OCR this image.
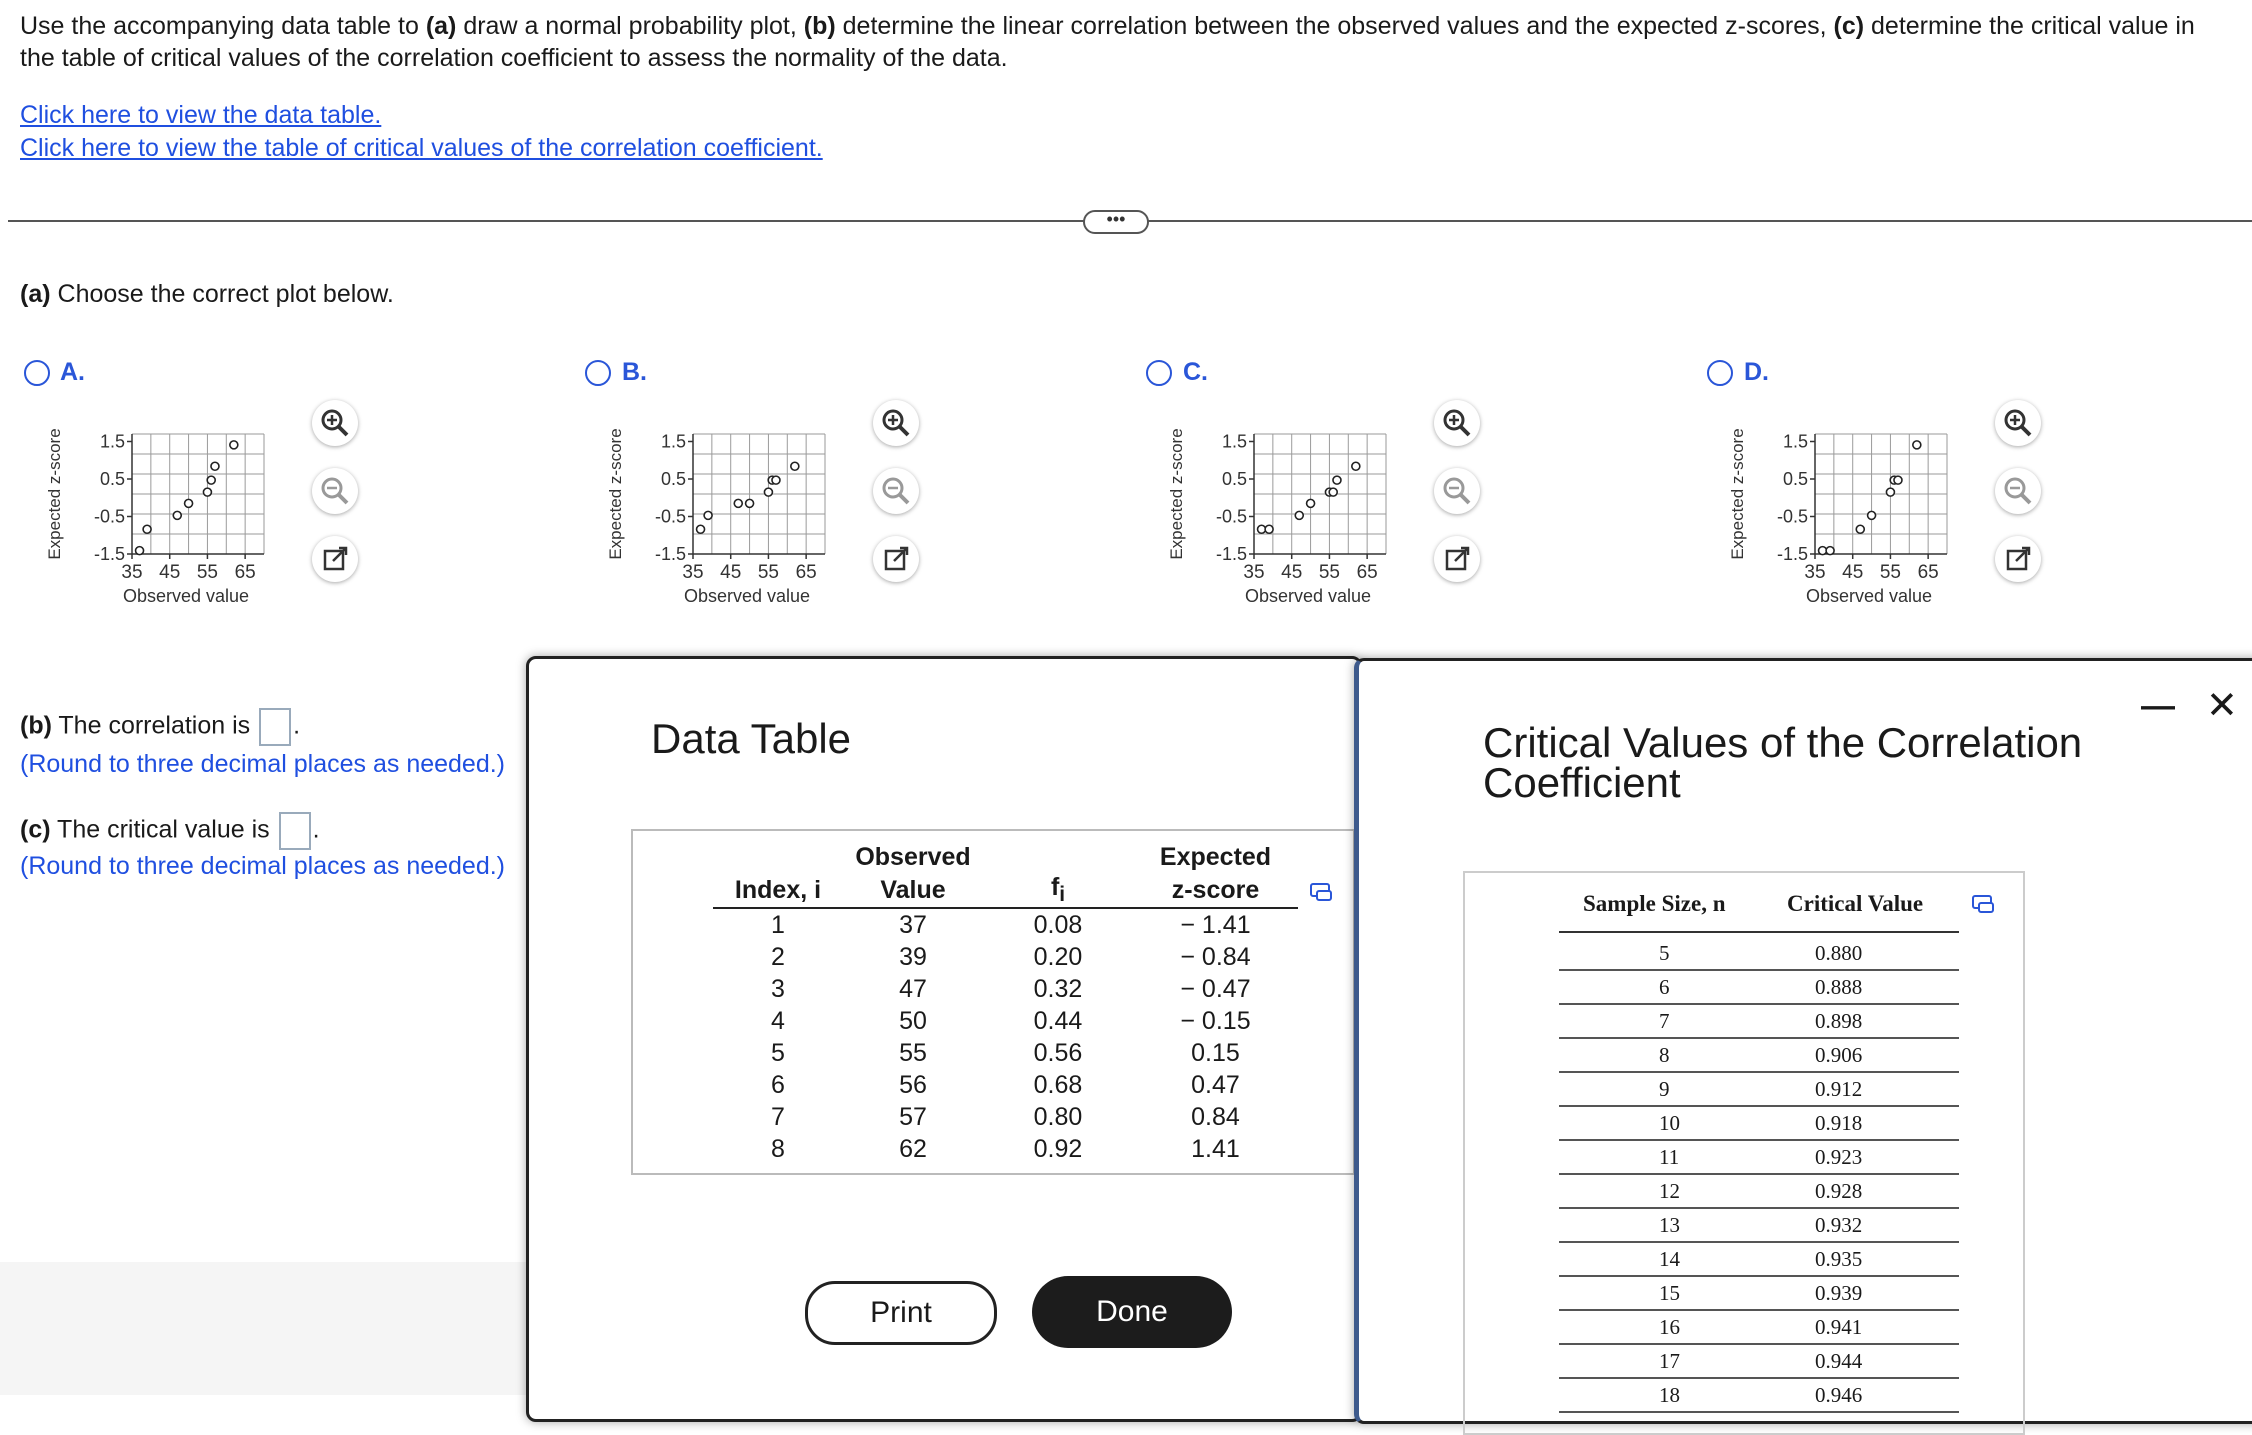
Use the accompanying data table to (a) draw a normal probability plot, (b) determine the linear correlation between the observed values and the expected z-scores, (c) determine the critical value in the table of critical values of the correlation coefficient to assess the normality of the data.
Click here to view the data table.
Click here to view the table of critical values of the correlation coefficient.
•••
(a) Choose the correct plot below.
A.
1.5
0.5
-0.5
-1.5
35 45 55 65
Expected z-score
Observed value
B.
1.5
0.5
-0.5
-1.5
35 45 55 65
Expected z-score
Observed value
C.
1.5
0.5
-0.5
-1.5
35 45 55 65
Expected z-score
Observed value
D.
1.5
0.5
-0.5
-1.5
35 45 55 65
Expected z-score
Observed value
(b) The correlation is .
(Round to three decimal places as needed.)
(c) The critical value is .
(Round to three decimal places as needed.)
Data Table
	Observed		Expected
Index, i	Value	$f_i$	z-score
1	37	0.08	− 1.41
2	39	0.20	− 0.84
3	47	0.32	− 0.47
4	50	0.44	− 0.15
5	55	0.56	0.15
6	56	0.68	0.47
7	57	0.80	0.84
8	62	0.92	1.41
Print	Done
Critical Values of the Correlation
Coefficient
— ✕
Sample Size, n	Critical Value
5	0.880
6	0.888
7	0.898
8	0.906
9	0.912
10	0.918
11	0.923
12	0.928
13	0.932
14	0.935
15	0.939
16	0.941
17	0.944
18	0.946
